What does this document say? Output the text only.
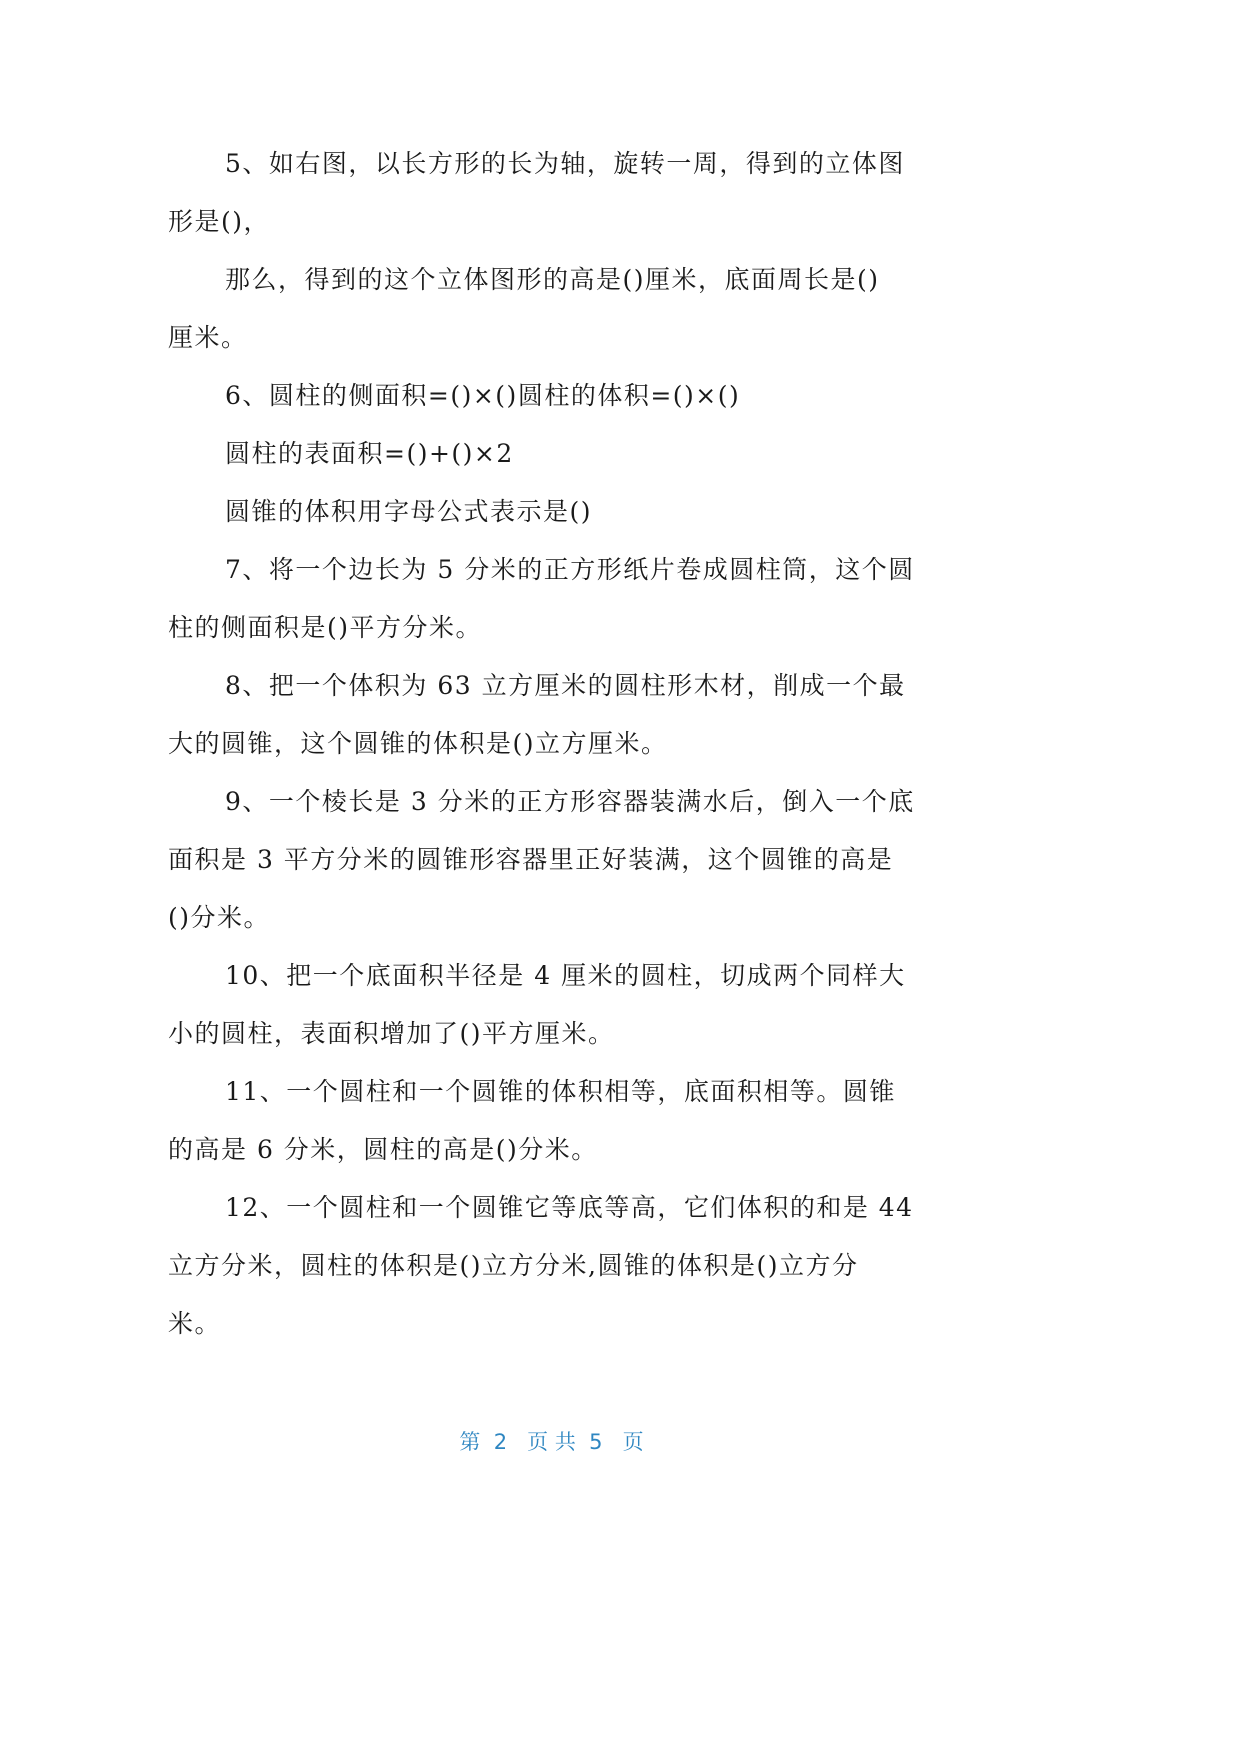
5、如右图，以长方形的长为轴，旋转一周，得到的立体图
形是()，
那么，得到的这个立体图形的高是()厘米，底面周长是()
厘米。
6、圆柱的侧面积=()×()圆柱的体积=()×()
圆柱的表面积=()+()×2
圆锥的体积用字母公式表示是()
7、将一个边长为 5 分米的正方形纸片卷成圆柱筒，这个圆
柱的侧面积是()平方分米。
8、把一个体积为 63 立方厘米的圆柱形木材，削成一个最
大的圆锥，这个圆锥的体积是()立方厘米。
9、一个棱长是 3 分米的正方形容器装满水后，倒入一个底
面积是 3 平方分米的圆锥形容器里正好装满，这个圆锥的高是
()分米。
10、把一个底面积半径是 4 厘米的圆柱，切成两个同样大
小的圆柱，表面积增加了()平方厘米。
11、一个圆柱和一个圆锥的体积相等，底面积相等。圆锥
的高是 6 分米，圆柱的高是()分米。
12、一个圆柱和一个圆锥它等底等高，它们体积的和是 44
立方分米，圆柱的体积是()立方分米,圆锥的体积是()立方分
米。
第  2   页 共  5   页
